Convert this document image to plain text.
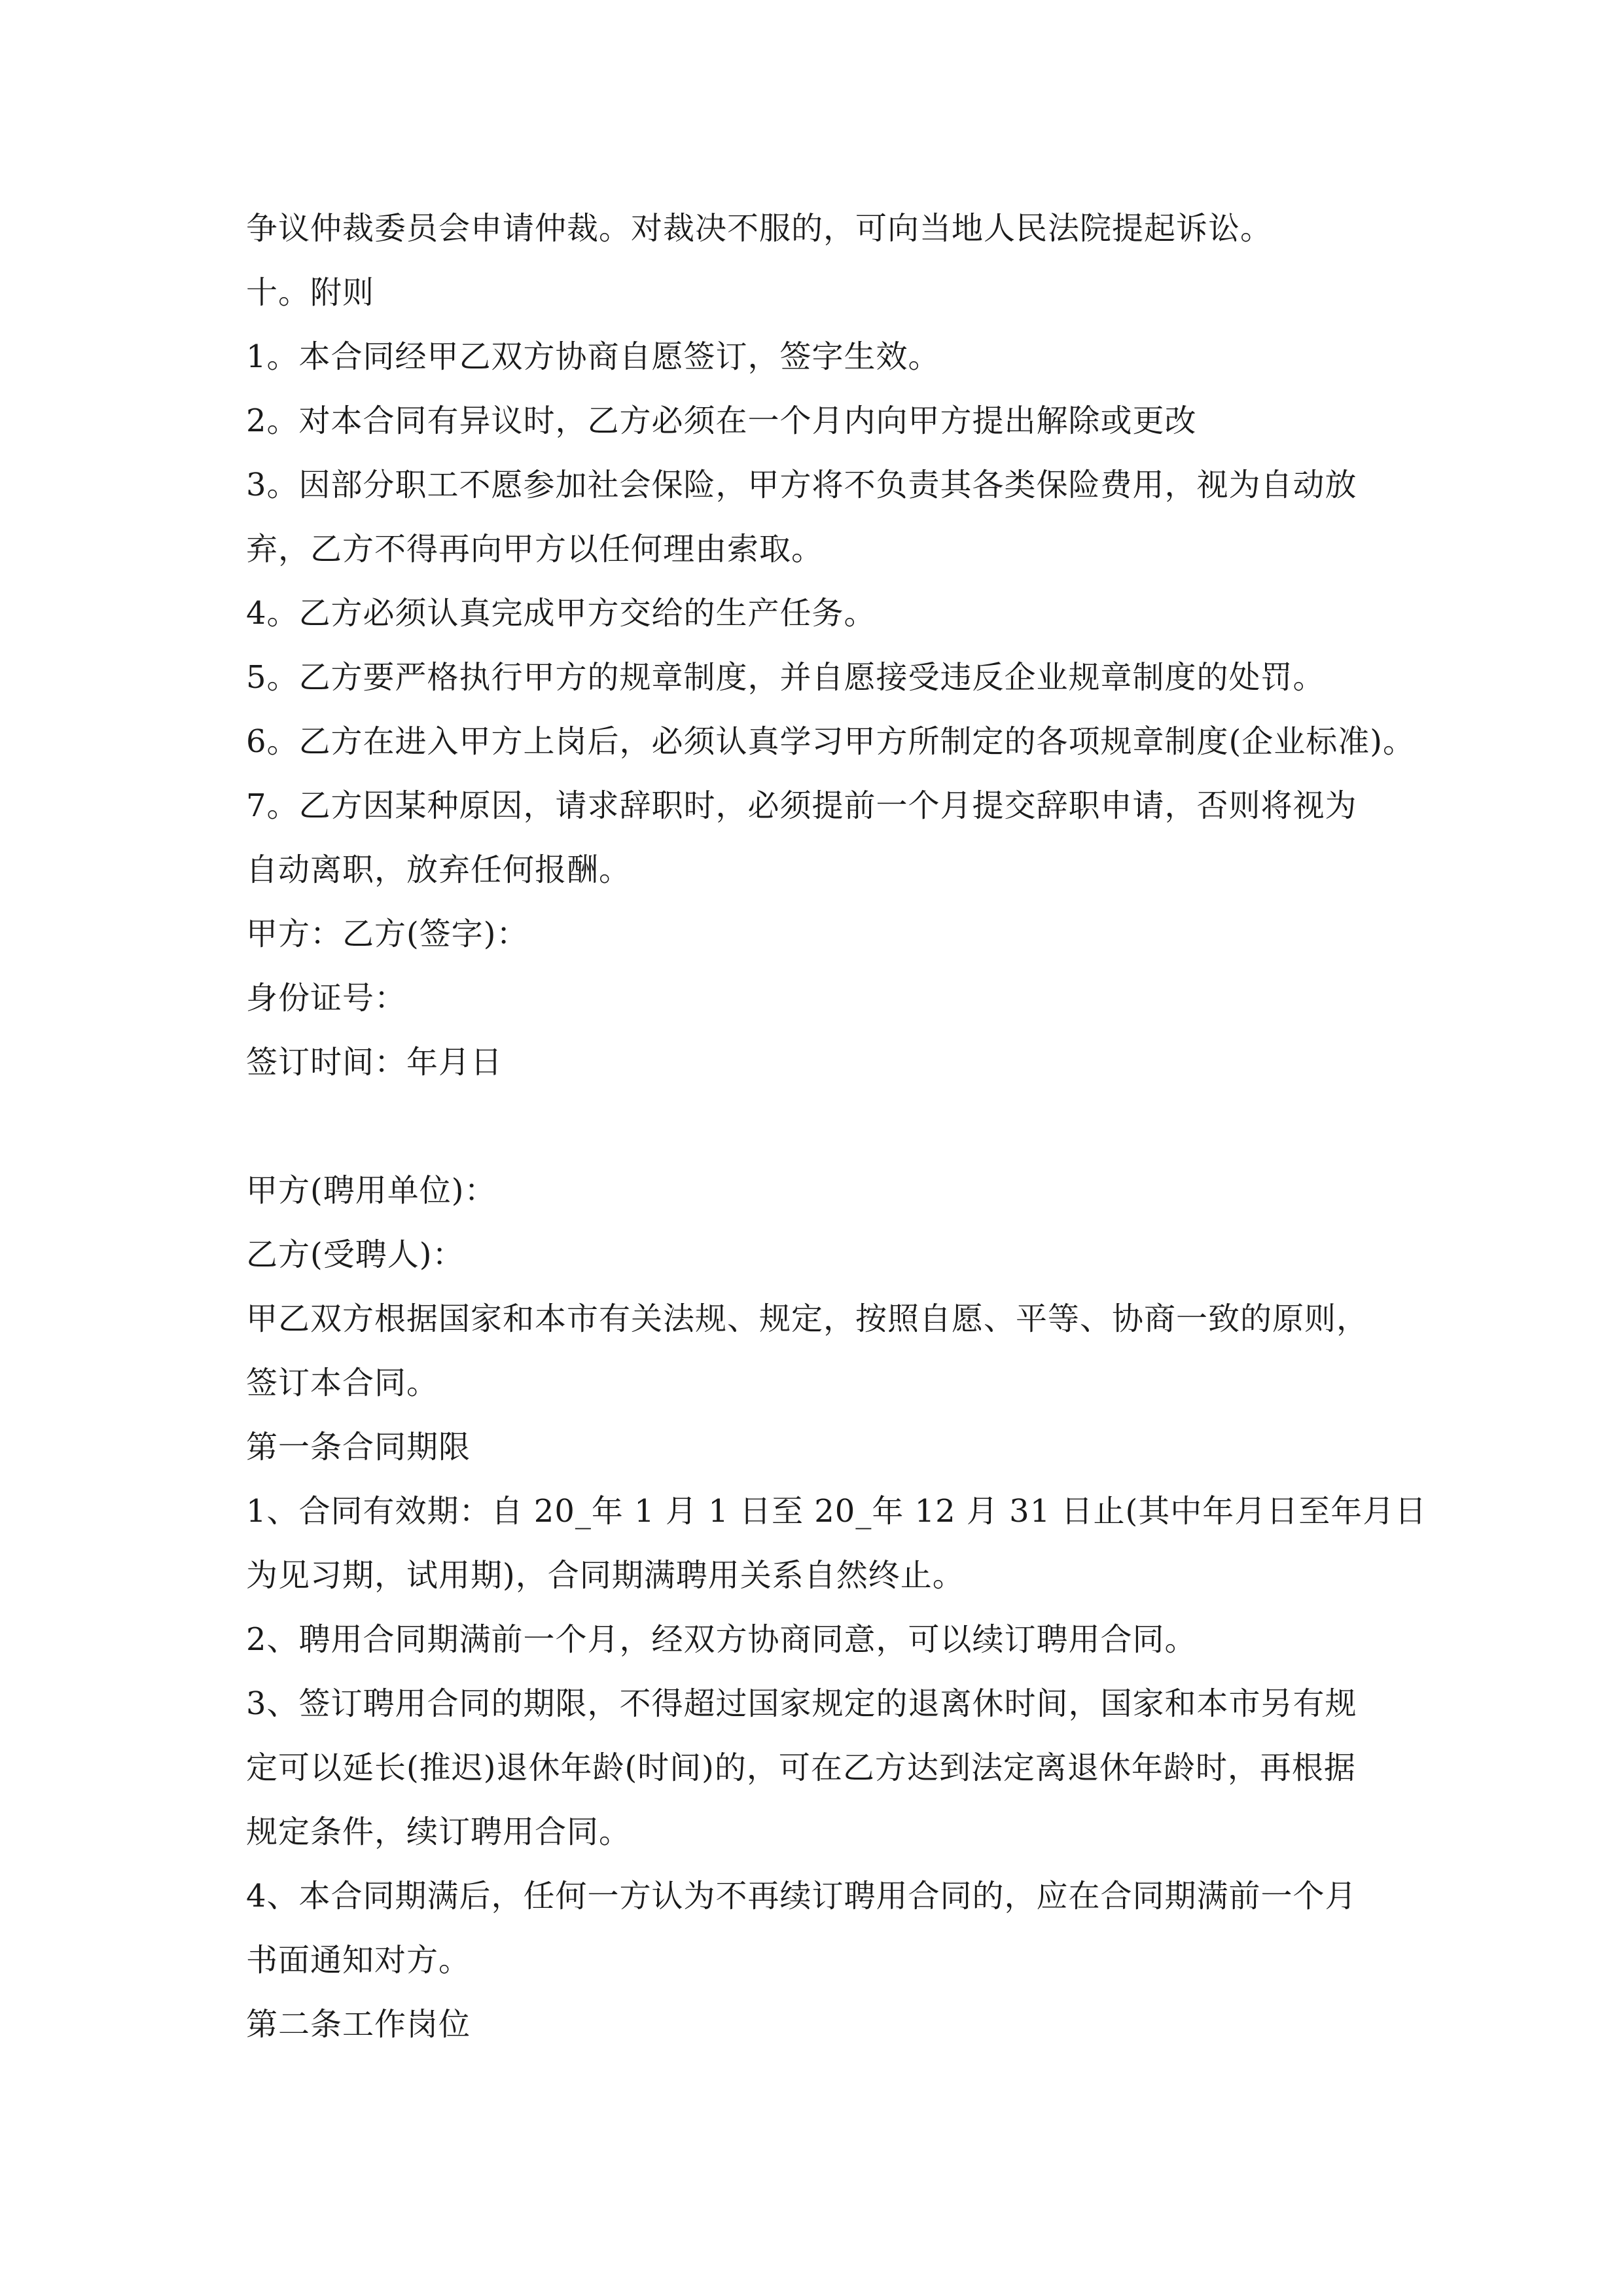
争议仲裁委员会申请仲裁。对裁决不服的，可向当地人民法院提起诉讼。
十。附则
1。本合同经甲乙双方协商自愿签订，签字生效。
2。对本合同有异议时，乙方必须在一个月内向甲方提出解除或更改
3。因部分职工不愿参加社会保险，甲方将不负责其各类保险费用，视为自动放
弃，乙方不得再向甲方以任何理由索取。
4。乙方必须认真完成甲方交给的生产任务。
5。乙方要严格执行甲方的规章制度，并自愿接受违反企业规章制度的处罚。
6。乙方在进入甲方上岗后，必须认真学习甲方所制定的各项规章制度(企业标准)。
7。乙方因某种原因，请求辞职时，必须提前一个月提交辞职申请，否则将视为
自动离职，放弃任何报酬。
甲方：乙方(签字)：
身份证号：
签订时间：年月日
甲方(聘用单位)：
乙方(受聘人)：
甲乙双方根据国家和本市有关法规、规定，按照自愿、平等、协商一致的原则，
签订本合同。
第一条合同期限
1、合同有效期：自 20_年 1 月 1 日至 20_年 12 月 31 日止(其中年月日至年月日
为见习期，试用期)，合同期满聘用关系自然终止。
2、聘用合同期满前一个月，经双方协商同意，可以续订聘用合同。
3、签订聘用合同的期限，不得超过国家规定的退离休时间，国家和本市另有规
定可以延长(推迟)退休年龄(时间)的，可在乙方达到法定离退休年龄时，再根据
规定条件，续订聘用合同。
4、本合同期满后，任何一方认为不再续订聘用合同的，应在合同期满前一个月
书面通知对方。
第二条工作岗位
